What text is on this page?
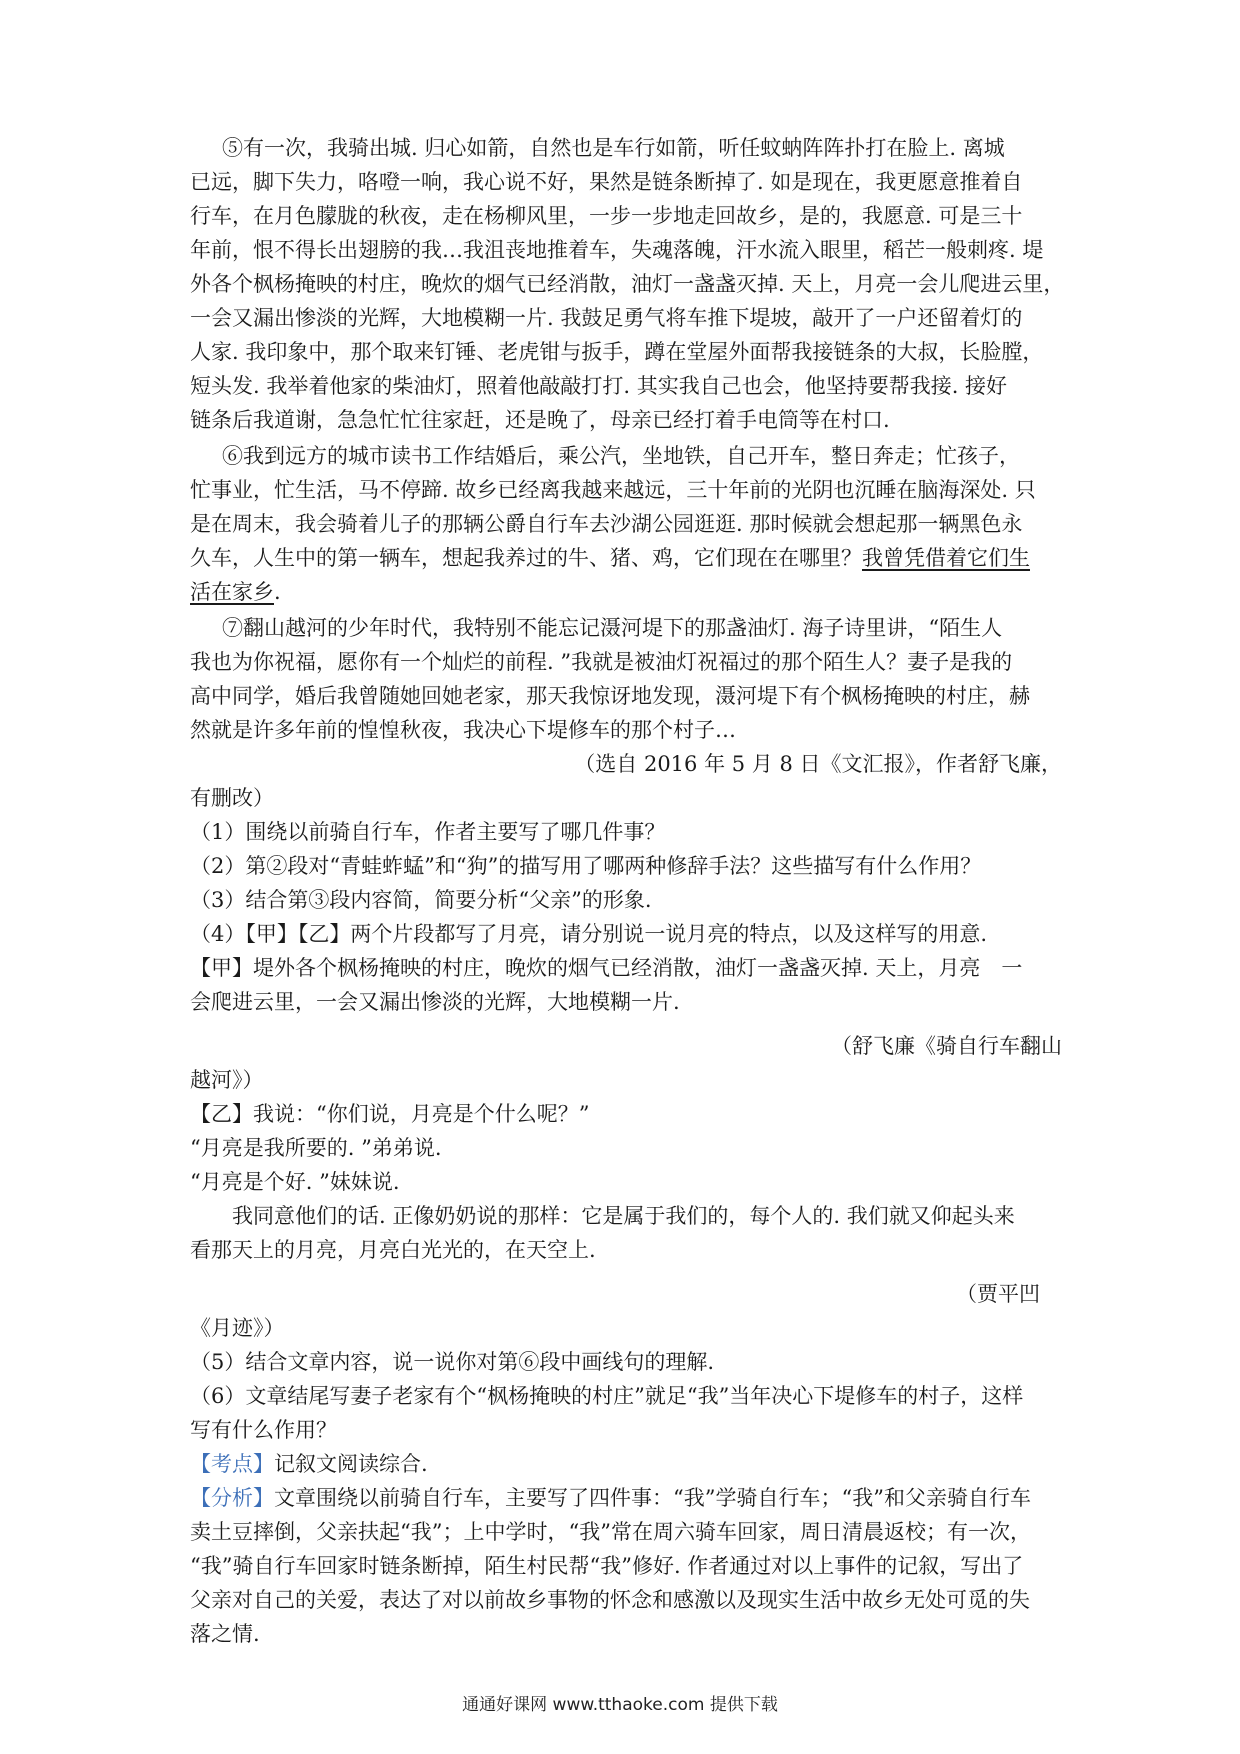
⑤有一次，我骑出城. 归心如箭，自然也是车行如箭，听任蚊蚋阵阵扑打在脸上. 离城
已远，脚下失力，咯噔一响，我心说不好，果然是链条断掉了. 如是现在，我更愿意推着自
行车，在月色朦胧的秋夜，走在杨柳风里，一步一步地走回故乡，是的，我愿意. 可是三十
年前，恨不得长出翅膀的我…我沮丧地推着车，失魂落魄，汗水流入眼里，稻芒一般刺疼. 堤
外各个枫杨掩映的村庄，晚炊的烟气已经消散，油灯一盏盏灭掉. 天上，月亮一会儿爬进云里，
一会又漏出惨淡的光辉，大地模糊一片. 我鼓足勇气将车推下堤坡，敲开了一户还留着灯的
人家. 我印象中，那个取来钉锤、老虎钳与扳手，蹲在堂屋外面帮我接链条的大叔，长脸膛，
短头发. 我举着他家的柴油灯，照着他敲敲打打. 其实我自己也会，他坚持要帮我接. 接好
链条后我道谢，急急忙忙往家赶，还是晚了，母亲已经打着手电筒等在村口.
⑥我到远方的城市读书工作结婚后，乘公汽，坐地铁，自己开车，整日奔走；忙孩子，
忙事业，忙生活，马不停蹄. 故乡已经离我越来越远，三十年前的光阴也沉睡在脑海深处. 只
是在周末，我会骑着儿子的那辆公爵自行车去沙湖公园逛逛. 那时候就会想起那一辆黑色永
久车，人生中的第一辆车，想起我养过的牛、猪、鸡，它们现在在哪里？我曾凭借着它们生
活在家乡.
⑦翻山越河的少年时代，我特别不能忘记滠河堤下的那盏油灯. 海子诗里讲，“陌生人
我也为你祝福，愿你有一个灿烂的前程. ”我就是被油灯祝福过的那个陌生人？妻子是我的
高中同学，婚后我曾随她回她老家，那天我惊讶地发现，滠河堤下有个枫杨掩映的村庄，赫
然就是许多年前的惶惶秋夜，我决心下堤修车的那个村子…
（选自 2016 年 5 月 8 日《文汇报》，作者舒飞廉，
有删改）
（1）围绕以前骑自行车，作者主要写了哪几件事？
（2）第②段对“青蛙蚱蜢”和“狗”的描写用了哪两种修辞手法？这些描写有什么作用？
（3）结合第③段内容简，简要分析“父亲”的形象.
（4）【甲】【乙】两个片段都写了月亮，请分别说一说月亮的特点，以及这样写的用意.
【甲】堤外各个枫杨掩映的村庄，晚炊的烟气已经消散，油灯一盏盏灭掉. 天上，月亮　一
会爬进云里，一会又漏出惨淡的光辉，大地模糊一片.
（舒飞廉《骑自行车翻山
越河》）
【乙】我说：“你们说，月亮是个什么呢？”
“月亮是我所要的. ”弟弟说.
“月亮是个好. ”妹妹说.
我同意他们的话. 正像奶奶说的那样：它是属于我们的，每个人的. 我们就又仰起头来
看那天上的月亮，月亮白光光的，在天空上.
（贾平凹
《月迹》）
（5）结合文章内容，说一说你对第⑥段中画线句的理解.
（6）文章结尾写妻子老家有个“枫杨掩映的村庄”就足“我”当年决心下堤修车的村子，这样
写有什么作用？
【考点】记叙文阅读综合.
【分析】文章围绕以前骑自行车，主要写了四件事：“我”学骑自行车；“我”和父亲骑自行车
卖土豆摔倒，父亲扶起“我”；上中学时，“我”常在周六骑车回家，周日清晨返校；有一次，
“我”骑自行车回家时链条断掉，陌生村民帮“我”修好. 作者通过对以上事件的记叙，写出了
父亲对自己的关爱，表达了对以前故乡事物的怀念和感激以及现实生活中故乡无处可觅的失
落之情.
通通好课网 www.tthaoke.com 提供下载
